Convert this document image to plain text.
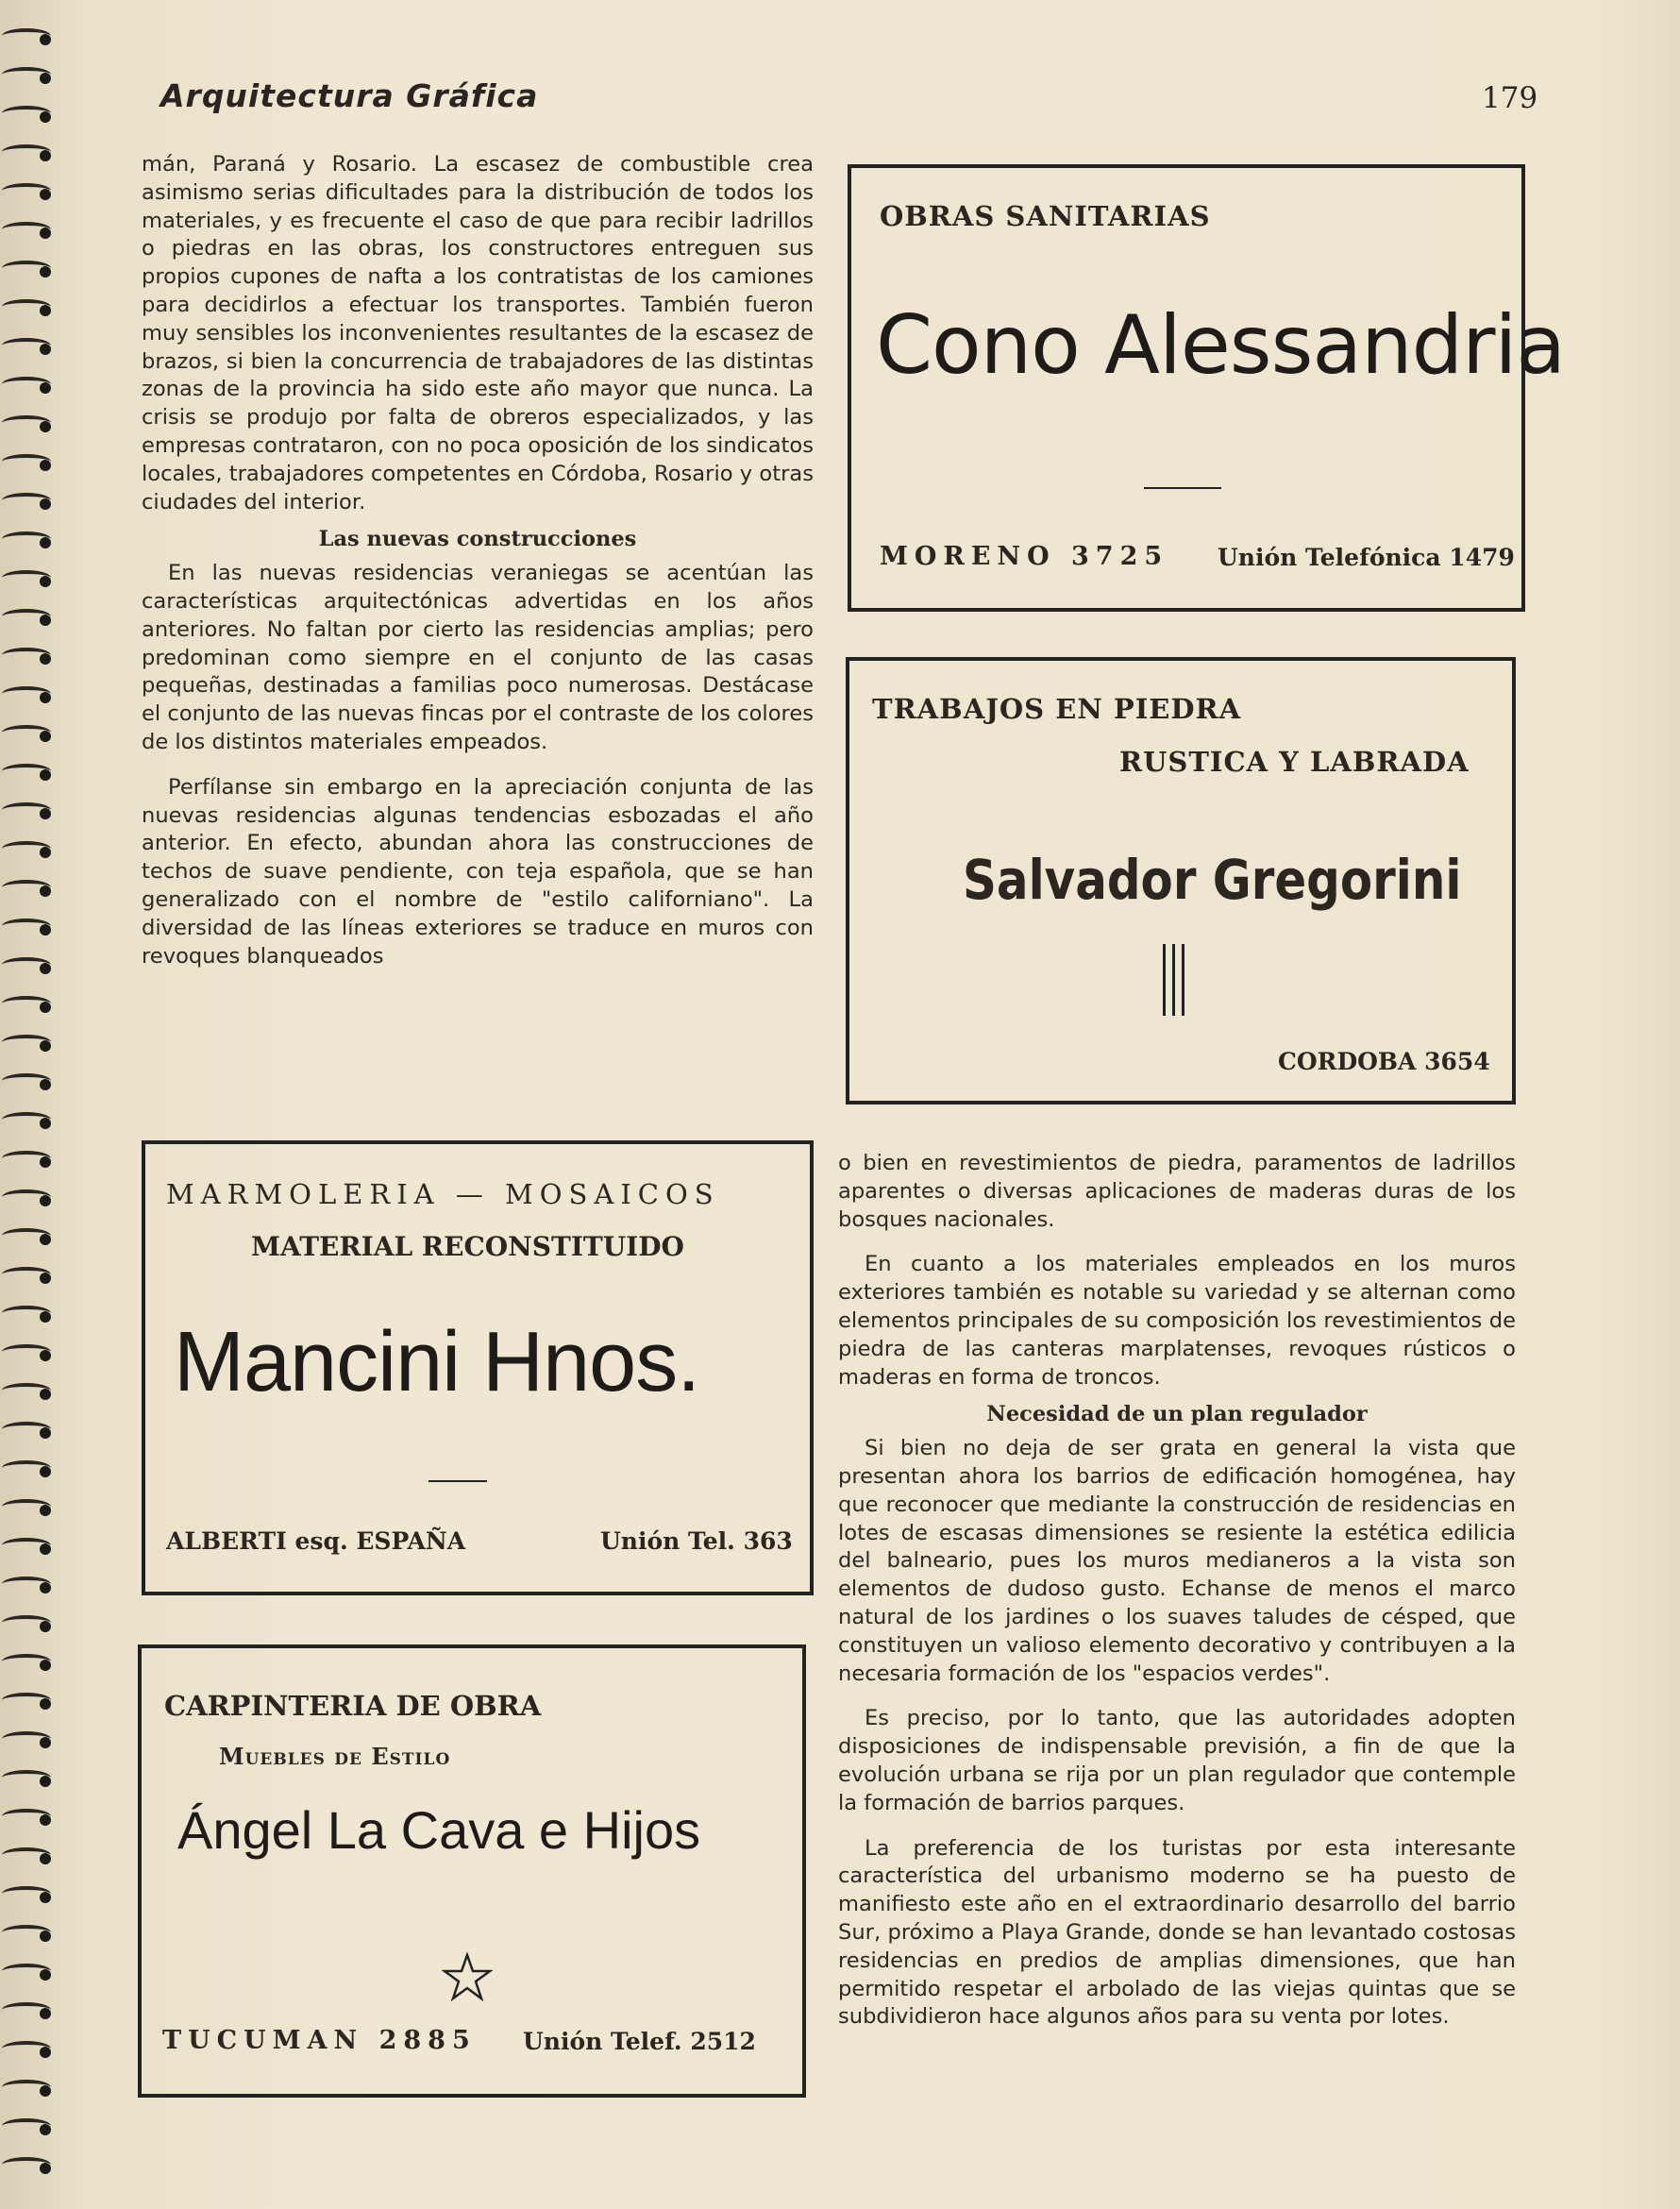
Arquitectura Gráfica	179

mán, Paraná y Rosario. La escasez de combustible crea asimismo serias dificultades para la distribución de todos los materiales, y es frecuente el caso de que para recibir ladrillos o piedras en las obras, los constructores entreguen sus propios cupones de nafta a los contratistas de los camiones para decidirlos a efectuar los transportes. También fueron muy sensibles los inconvenientes resultantes de la escasez de brazos, si bien la concurrencia de trabajadores de las distintas zonas de la provincia ha sido este año mayor que nunca. La crisis se produjo por falta de obreros especializados, y las empresas contrataron, con no poca oposición de los sindicatos locales, trabajadores competentes en Córdoba, Rosario y otras ciudades del interior.

Las nuevas construcciones

En las nuevas residencias veraniegas se acentúan las características arquitectónicas advertidas en los años anteriores. No faltan por cierto las residencias amplias; pero predominan como siempre en el conjunto de las casas pequeñas, destinadas a familias poco numerosas. Destácase el conjunto de las nuevas fincas por el contraste de los colores de los distintos materiales empeados.

Perfílanse sin embargo en la apreciación conjunta de las nuevas residencias algunas tendencias esbozadas el año anterior. En efecto, abundan ahora las construcciones de techos de suave pendiente, con teja española, que se han generalizado con el nombre de "estilo californiano". La diversidad de las líneas exteriores se traduce en muros con revoques blanqueados

o bien en revestimientos de piedra, paramentos de ladrillos aparentes o diversas aplicaciones de maderas duras de los bosques nacionales.

En cuanto a los materiales empleados en los muros exteriores también es notable su variedad y se alternan como elementos principales de su composición los revestimientos de piedra de las canteras marplatenses, revoques rústicos o maderas en forma de troncos.

Necesidad de un plan regulador

Si bien no deja de ser grata en general la vista que presentan ahora los barrios de edificación homogénea, hay que reconocer que mediante la construcción de residencias en lotes de escasas dimensiones se resiente la estética edilicia del balneario, pues los muros medianeros a la vista son elementos de dudoso gusto. Echanse de menos el marco natural de los jardines o los suaves taludes de césped, que constituyen un valioso elemento decorativo y contribuyen a la necesaria formación de los "espacios verdes".

Es preciso, por lo tanto, que las autoridades adopten disposiciones de indispensable previsión, a fin de que la evolución urbana se rija por un plan regulador que contemple la formación de barrios parques.

La preferencia de los turistas por esta interesante característica del urbanismo moderno se ha puesto de manifiesto este año en el extraordinario desarrollo del barrio Sur, próximo a Playa Grande, donde se han levantado costosas residencias en predios de amplias dimensiones, que han permitido respetar el arbolado de las viejas quintas que se subdividieron hace algunos años para su venta por lotes.

OBRAS SANITARIAS
Cono Alessandria
MORENO 3725 Unión Telefónica 1479
TRABAJOS EN PIEDRA
RUSTICA Y LABRADA
Salvador Gregorini
CORDOBA 3654
MARMOLERIA — MOSAICOS
MATERIAL RECONSTITUIDO
Mancini Hnos.
ALBERTI esq. ESPAÑA	Unión Tel. 363
CARPINTERIA DE OBRA
Muebles de Estilo
Ángel La Cava e Hijos
TUCUMAN 2885 Unión Telef. 2512
